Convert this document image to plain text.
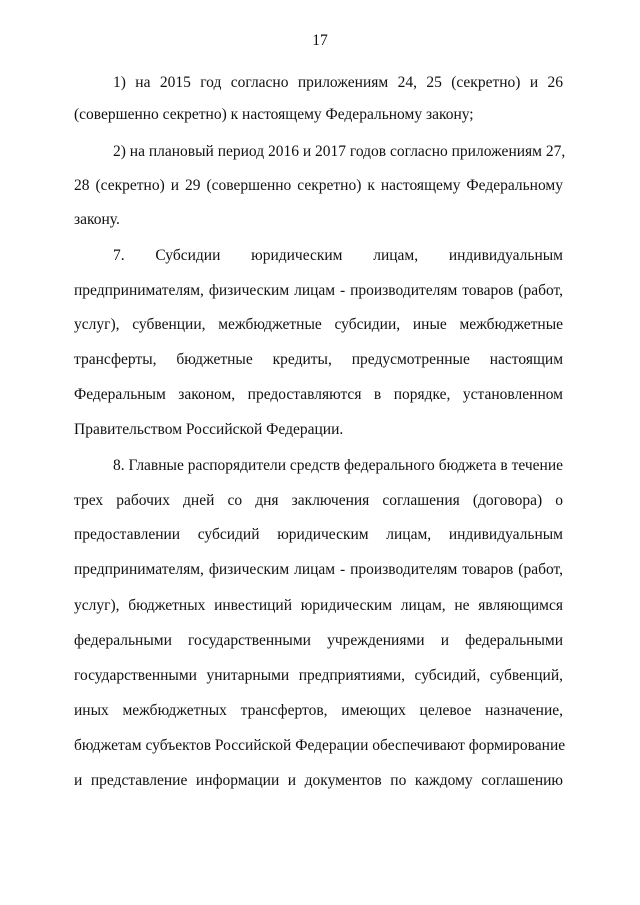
17
1) на 2015 год согласно приложениям 24, 25 (секретно) и 26
(совершенно секретно) к настоящему Федеральному закону;
2) на плановый период 2016 и 2017 годов согласно приложениям 27,
28 (секретно) и 29 (совершенно секретно) к настоящему Федеральному
закону.
7. Субсидии юридическим лицам, индивидуальным
предпринимателям, физическим лицам - производителям товаров (работ,
услуг), субвенции, межбюджетные субсидии, иные межбюджетные
трансферты, бюджетные кредиты, предусмотренные настоящим
Федеральным законом, предоставляются в порядке, установленном
Правительством Российской Федерации.
8. Главные распорядители средств федерального бюджета в течение
трех рабочих дней со дня заключения соглашения (договора) о
предоставлении субсидий юридическим лицам, индивидуальным
предпринимателям, физическим лицам - производителям товаров (работ,
услуг), бюджетных инвестиций юридическим лицам, не являющимся
федеральными государственными учреждениями и федеральными
государственными унитарными предприятиями, субсидий, субвенций,
иных межбюджетных трансфертов, имеющих целевое назначение,
бюджетам субъектов Российской Федерации обеспечивают формирование
и представление информации и документов по каждому соглашению
